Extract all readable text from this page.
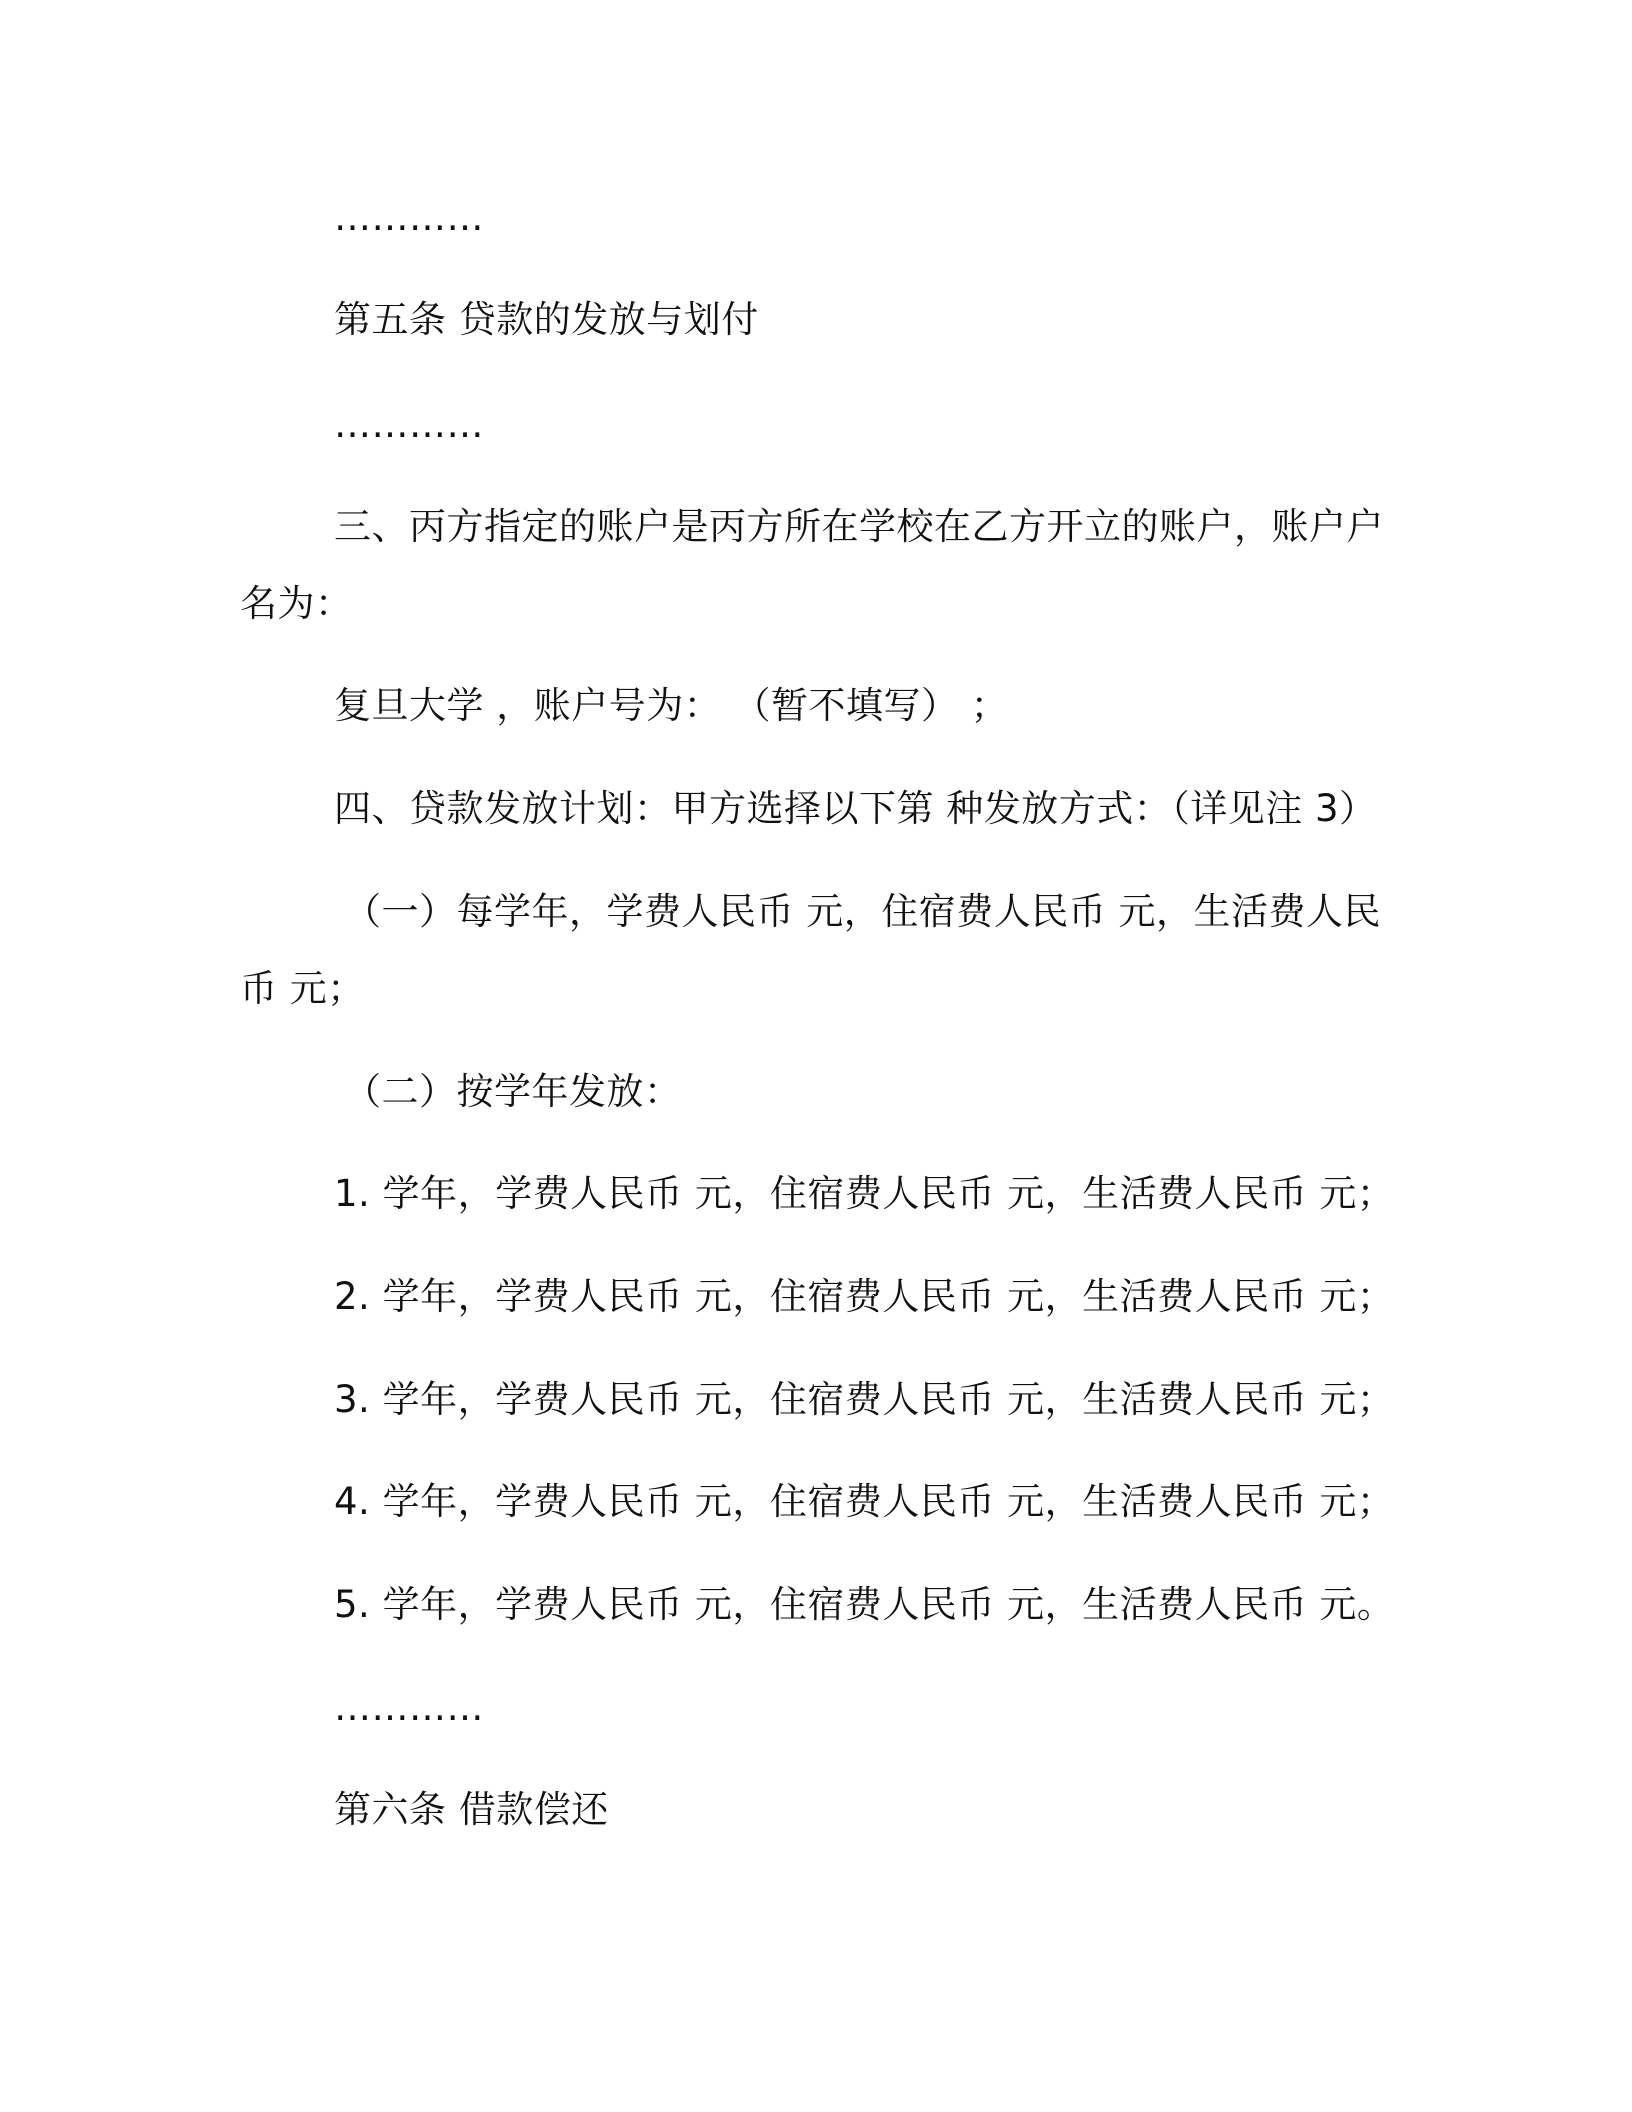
…………
第五条 贷款的发放与划付
…………
三、丙方指定的账户是丙方所在学校在乙方开立的账户，账户户
名为：
复旦大学 ，账户号为： （暂不填写） ；
四、贷款发放计划：甲方选择以下第 种发放方式：（详见注 3）
（一）每学年，学费人民币 元，住宿费人民币 元，生活费人民
币 元；
（二）按学年发放：
1. 学年，学费人民币 元，住宿费人民币 元，生活费人民币 元；
2. 学年，学费人民币 元，住宿费人民币 元，生活费人民币 元；
3. 学年，学费人民币 元，住宿费人民币 元，生活费人民币 元；
4. 学年，学费人民币 元，住宿费人民币 元，生活费人民币 元；
5. 学年，学费人民币 元，住宿费人民币 元，生活费人民币 元。
…………
第六条 借款偿还
